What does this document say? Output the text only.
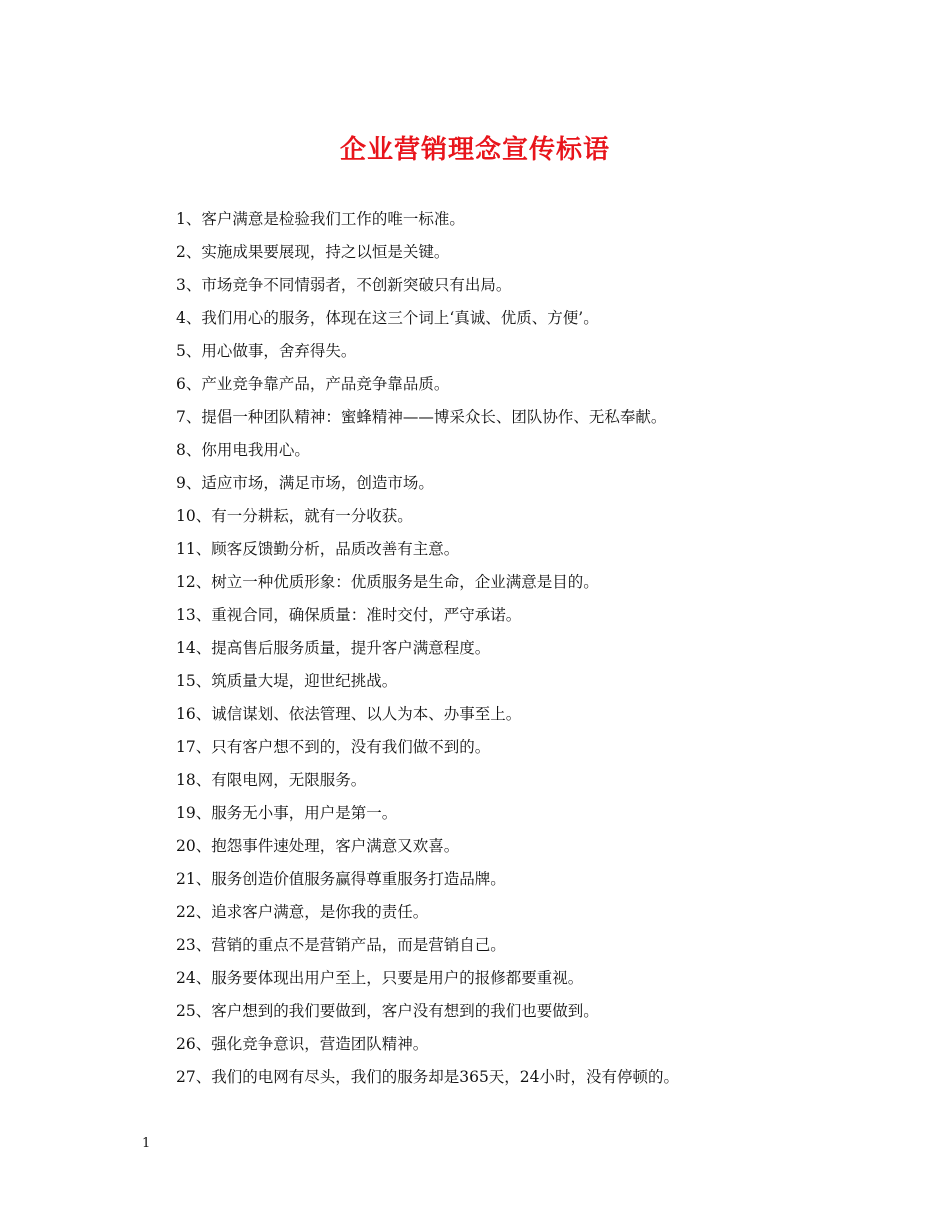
企业营销理念宣传标语
1、客户满意是检验我们工作的唯一标准。
2、实施成果要展现，持之以恒是关键。
3、市场竞争不同情弱者，不创新突破只有出局。
4、我们用心的服务，体现在这三个词上‘真诚、优质、方便’。
5、用心做事，舍弃得失。
6、产业竞争靠产品，产品竞争靠品质。
7、提倡一种团队精神：蜜蜂精神——博采众长、团队协作、无私奉献。
8、你用电我用心。
9、适应市场，满足市场，创造市场。
10、有一分耕耘，就有一分收获。
11、顾客反馈勤分析，品质改善有主意。
12、树立一种优质形象：优质服务是生命，企业满意是目的。
13、重视合同，确保质量：准时交付，严守承诺。
14、提高售后服务质量，提升客户满意程度。
15、筑质量大堤，迎世纪挑战。
16、诚信谋划、依法管理、以人为本、办事至上。
17、只有客户想不到的，没有我们做不到的。
18、有限电网，无限服务。
19、服务无小事，用户是第一。
20、抱怨事件速处理，客户满意又欢喜。
21、服务创造价值服务赢得尊重服务打造品牌。
22、追求客户满意，是你我的责任。
23、营销的重点不是营销产品，而是营销自己。
24、服务要体现出用户至上，只要是用户的报修都要重视。
25、客户想到的我们要做到，客户没有想到的我们也要做到。
26、强化竞争意识，营造团队精神。
27、我们的电网有尽头，我们的服务却是365天，24小时，没有停顿的。
1
